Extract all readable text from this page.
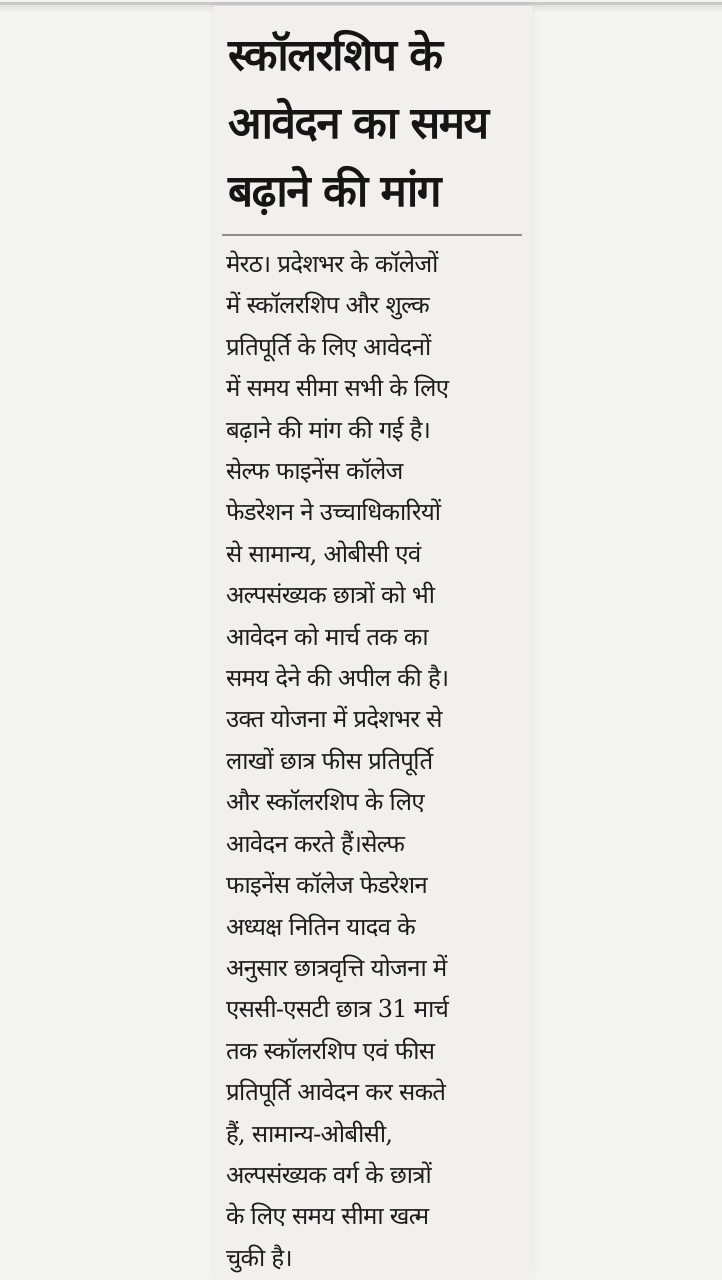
स्कॉलरशिप के
आवेदन का समय
बढ़ाने की मांग
मेरठ। प्रदेशभर के कॉलेजों
में स्कॉलरशिप और शुल्क
प्रतिपूर्ति के लिए आवेदनों
में समय सीमा सभी के लिए
बढ़ाने की मांग की गई है।
सेल्फ फाइनेंस कॉलेज
फेडरेशन ने उच्चाधिकारियों
से सामान्य, ओबीसी एवं
अल्पसंख्यक छात्रों को भी
आवेदन को मार्च तक का
समय देने की अपील की है।
उक्त योजना में प्रदेशभर से
लाखों छात्र फीस प्रतिपूर्ति
और स्कॉलरशिप के लिए
आवेदन करते हैं।सेल्फ
फाइनेंस कॉलेज फेडरेशन
अध्यक्ष नितिन यादव के
अनुसार छात्रवृत्ति योजना में
एससी-एसटी छात्र 31 मार्च
तक स्कॉलरशिप एवं फीस
प्रतिपूर्ति आवेदन कर सकते
हैं, सामान्य-ओबीसी,
अल्पसंख्यक वर्ग के छात्रों
के लिए समय सीमा खत्म
चुकी है।
